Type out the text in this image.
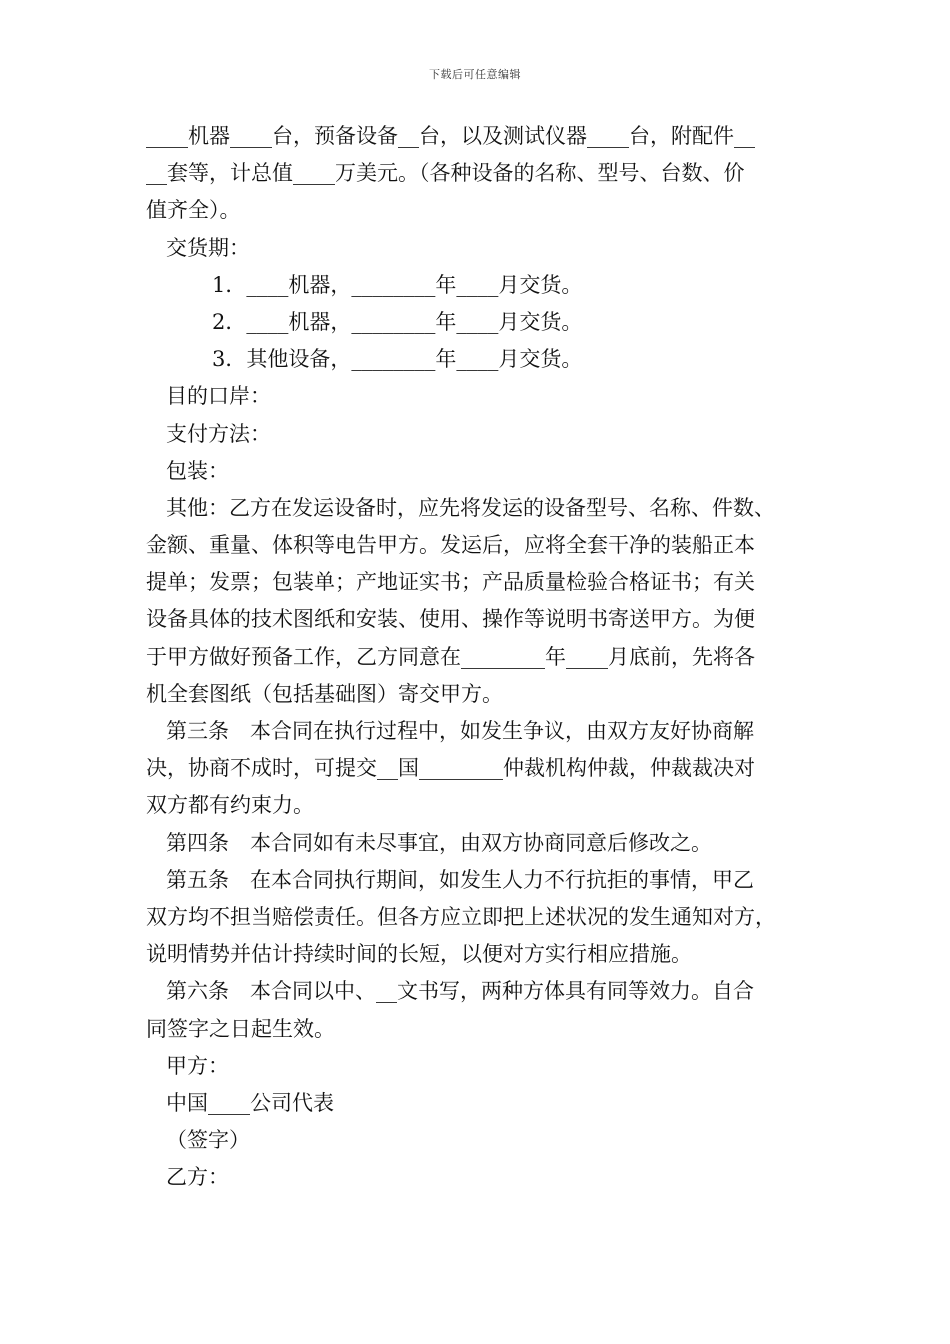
下载后可任意编辑
____机器____台，预备设备__台，以及测试仪器____台，附配件__
__套等，计总值____万美元。（各种设备的名称、型号、台数、价
值齐全）。
交货期：
1．____机器，________年____月交货。
2．____机器，________年____月交货。
3．其他设备，________年____月交货。
目的口岸：
支付方法：
包装：
其他：乙方在发运设备时，应先将发运的设备型号、名称、件数、
金额、重量、体积等电告甲方。发运后，应将全套干净的装船正本
提单；发票；包装单；产地证实书；产品质量检验合格证书；有关
设备具体的技术图纸和安装、使用、操作等说明书寄送甲方。为便
于甲方做好预备工作，乙方同意在________年____月底前，先将各
机全套图纸（包括基础图）寄交甲方。
第三条　本合同在执行过程中，如发生争议，由双方友好协商解
决，协商不成时，可提交__国________仲裁机构仲裁，仲裁裁决对
双方都有约束力。
第四条　本合同如有未尽事宜，由双方协商同意后修改之。
第五条　在本合同执行期间，如发生人力不行抗拒的事情，甲乙
双方均不担当赔偿责任。但各方应立即把上述状况的发生通知对方，
说明情势并估计持续时间的长短，以便对方实行相应措施。
第六条　本合同以中、__文书写，两种方体具有同等效力。自合
同签字之日起生效。
甲方：
中国____公司代表
（签字）
乙方：
